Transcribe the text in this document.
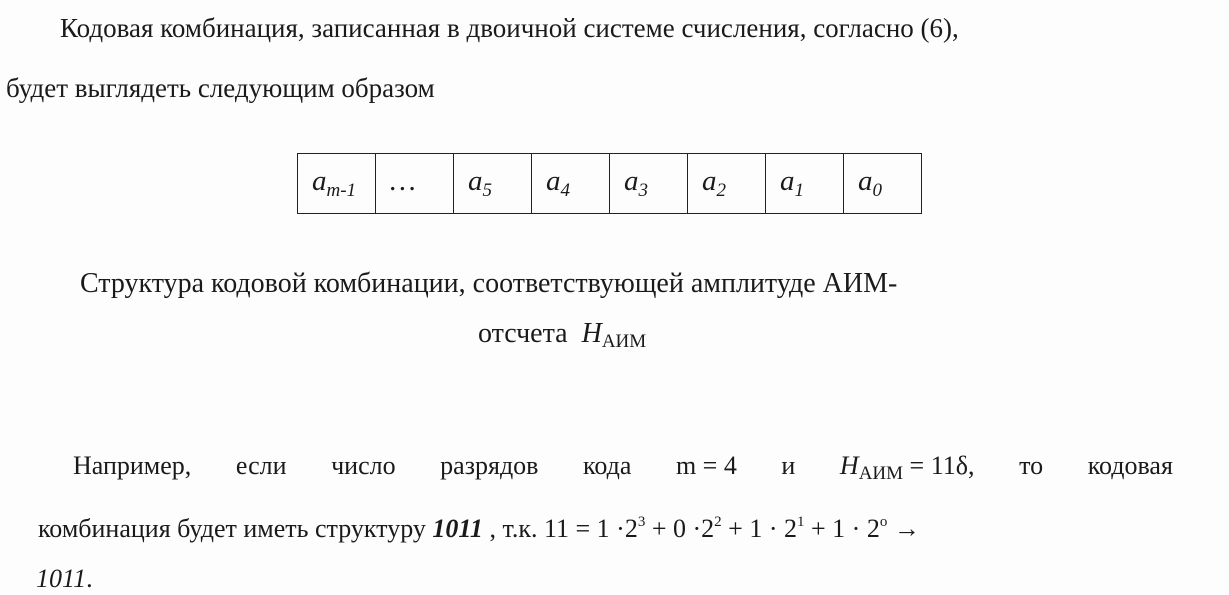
Кодовая комбинация, записанная в двоичной системе счисления, согласно (6),
будет выглядеть следующим образом
$a_{m-1}$	…	$a_5$	$a_4$	$a_3$	$a_2$	$a_1$	$a_0$
Структура кодовой комбинации, соответствующей амплитуде АИМ-
отсчета HАИМ
Например, если число разрядов кода m = 4 и HАИМ = 11δ, то кодовая
комбинация будет иметь структуру 1011 , т.к. $11 = 1 \cdot 2^3 + 0 \cdot 2^2 + 1 \cdot 2^1 + 1 \cdot 2^о$ →
1011.
